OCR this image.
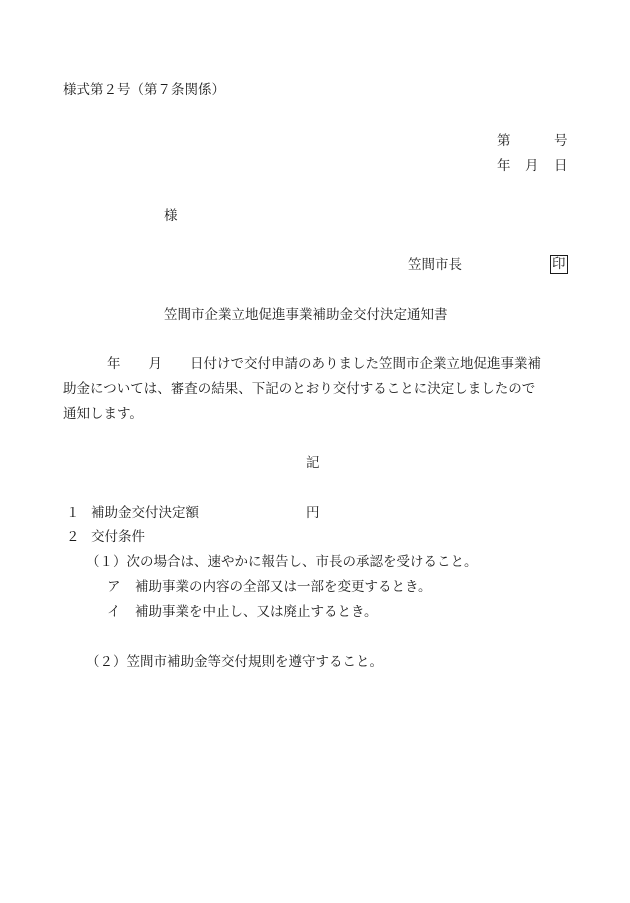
様式第２号（第７条関係）
第	号
年 月 日
様
笠間市長	印
笠間市企業立地促進事業補助金交付決定通知書
年 月 日付けで交付申請のありました笠間市企業立地促進事業補
助金については、審査の結果、下記のとおり交付することに決定しましたので
通知します。
記
１ 補助金交付決定額	円
２ 交付条件
（１）次の場合は、速やかに報告し、市長の承認を受けること。
ア 補助事業の内容の全部又は一部を変更するとき。
イ 補助事業を中止し、又は廃止するとき。
（２）笠間市補助金等交付規則を遵守すること。
